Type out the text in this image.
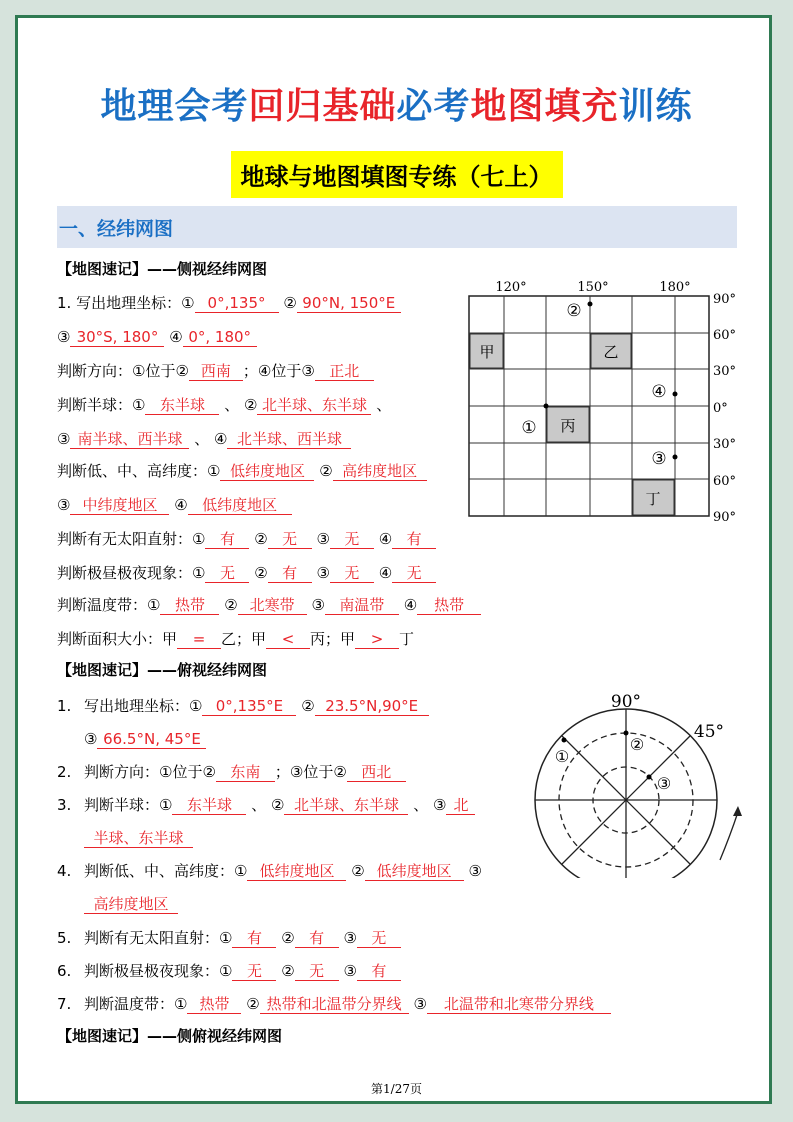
地理会考回归基础必考地图填充训练
地球与地图填图专练（七上）
一、经纬网图
【地图速记】——侧视经纬网图
1. 写出地理坐标：① 0°,135° ② 90°N, 150°E
③ 30°S, 180° ④ 0°, 180°
判断方向：①位于② 西南 ；④位于③ 正北
判断半球：① 东半球 、 ② 北半球、东半球 、
③ 南半球、西半球 、 ④ 北半球、西半球
判断低、中、高纬度：① 低纬度地区 ② 高纬度地区
③ 中纬度地区 ④ 低纬度地区
判断有无太阳直射：① 有 ② 无 ③ 无 ④ 有
判断极昼极夜现象：① 无 ② 有 ③ 无 ④ 无
判断温度带：① 热带 ② 北寒带 ③ 南温带 ④ 热带
判断面积大小：甲 = 乙；甲 < 丙；甲 > 丁
【地图速记】——俯视经纬网图
1. 写出地理坐标：① 0°,135°E ② 23.5°N,90°E
③ 66.5°N, 45°E
2. 判断方向：①位于② 东南 ；③位于② 西北
3. 判断半球：① 东半球 、 ② 北半球、东半球 、 ③ 北
半球、东半球
4. 判断低、中、高纬度：① 低纬度地区 ② 低纬度地区 ③
高纬度地区
5. 判断有无太阳直射：① 有 ② 有 ③ 无
6. 判断极昼极夜现象：① 无 ② 无 ③ 有
7. 判断温度带：① 热带 ② 热带和北温带分界线 ③ 北温带和北寒带分界线
【地图速记】——侧俯视经纬网图
甲	乙
丙
丁
120°	150°	180°
90°
60°
30°
0°
30°
60°
90°
①
②
③
④
90°
45°
①
②
③
第1/27页
